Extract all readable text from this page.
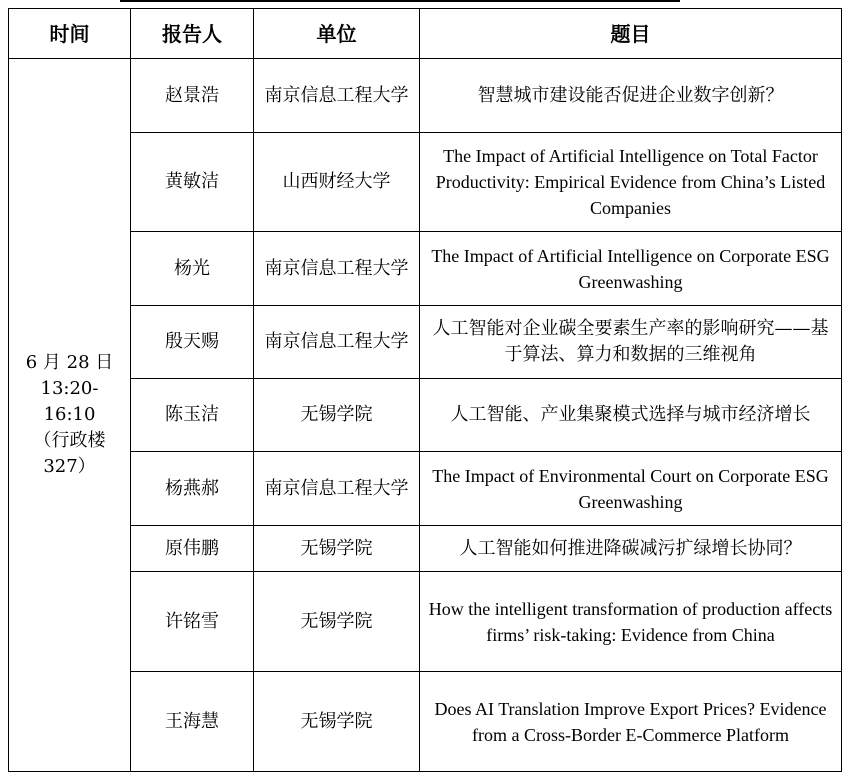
时间	报告人	单位	题目

6 月 28 日
13:20-16:10
（行政楼
327）	赵景浩	南京信息工程大学	智慧城市建设能否促进企业数字创新？
	黄敏洁	山西财经大学	The Impact of Artificial Intelligence on Total Factor Productivity: Empirical Evidence from China’s Listed Companies
	杨光	南京信息工程大学	The Impact of Artificial Intelligence on Corporate ESG Greenwashing
	殷天赐	南京信息工程大学	人工智能对企业碳全要素生产率的影响研究——基于算法、算力和数据的三维视角
	陈玉洁	无锡学院	人工智能、产业集聚模式选择与城市经济增长
	杨燕郝	南京信息工程大学	The Impact of Environmental Court on Corporate ESG Greenwashing
	原伟鹏	无锡学院	人工智能如何推进降碳减污扩绿增长协同？
	许铭雪	无锡学院	How the intelligent transformation of production affects firms’ risk-taking: Evidence from China
	王海慧	无锡学院	Does AI Translation Improve Export Prices? Evidence from a Cross-Border E-Commerce Platform
